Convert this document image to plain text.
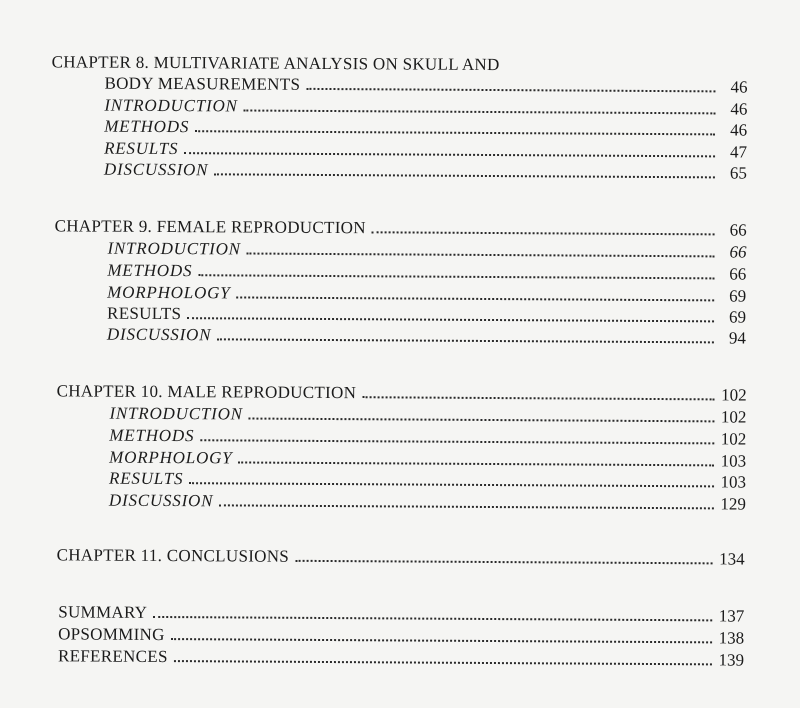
CHAPTER 8. MULTIVARIATE ANALYSIS ON SKULL AND
BODY MEASUREMENTS	46
INTRODUCTION	46
METHODS	46
RESULTS	47
DISCUSSION	65
CHAPTER 9. FEMALE REPRODUCTION	66
INTRODUCTION	66
METHODS	66
MORPHOLOGY	69
RESULTS	69
DISCUSSION	94
CHAPTER 10. MALE REPRODUCTION	102
INTRODUCTION	102
METHODS	102
MORPHOLOGY	103
RESULTS	103
DISCUSSION	129
CHAPTER 11. CONCLUSIONS	134
SUMMARY	137
OPSOMMING	138
REFERENCES	139
